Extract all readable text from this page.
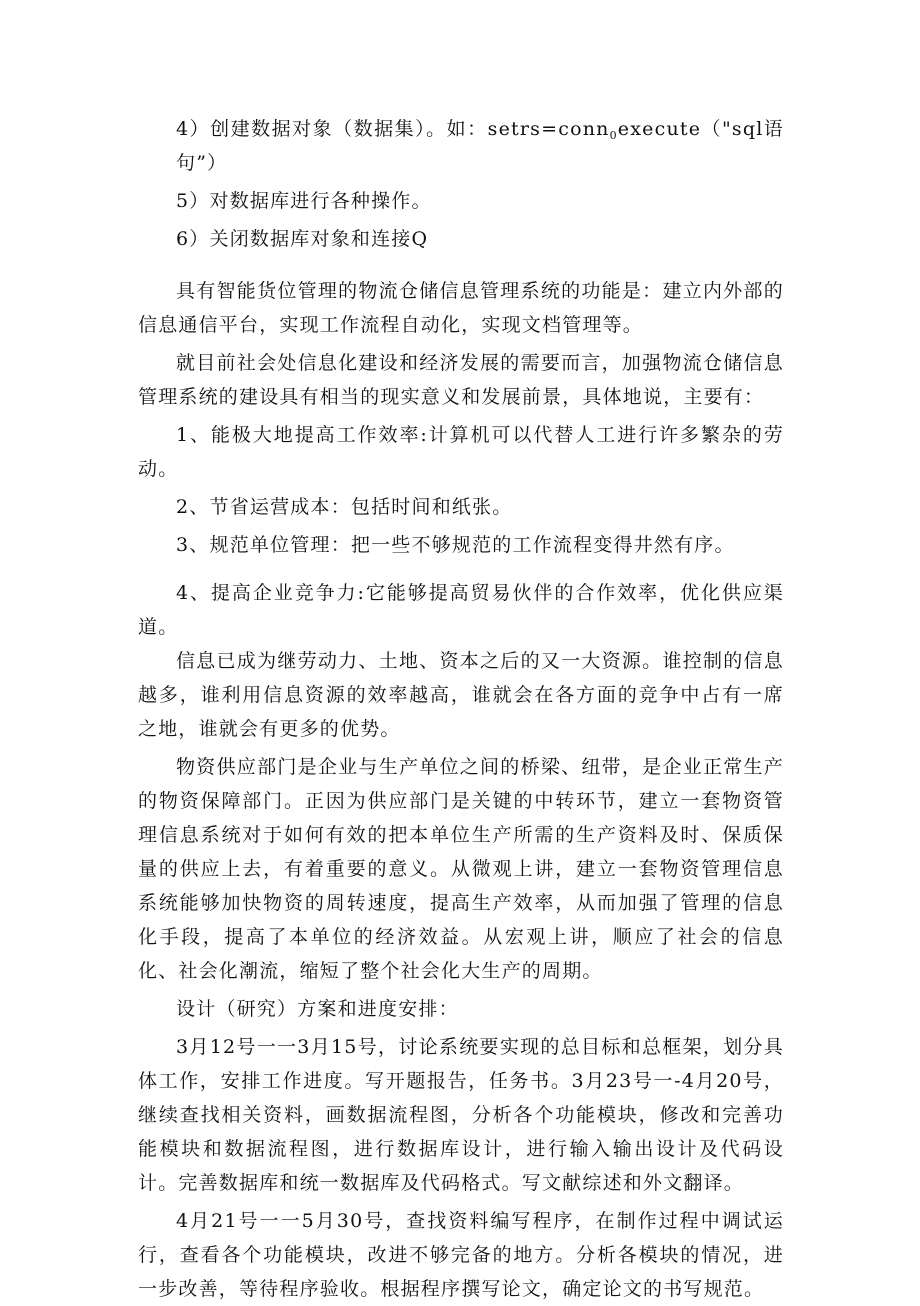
4）创建数据对象（数据集）。如：setrs=conn$_0$execute（"sql语句”）

5）对数据库进行各种操作。

6）关闭数据库对象和连接Q

具有智能货位管理的物流仓储信息管理系统的功能是：建立内外部的信息通信平台，实现工作流程自动化，实现文档管理等。

就目前社会处信息化建设和经济发展的需要而言，加强物流仓储信息管理系统的建设具有相当的现实意义和发展前景，具体地说，主要有：

1、能极大地提高工作效率:计算机可以代替人工进行许多繁杂的劳动。

2、节省运营成本：包括时间和纸张。

3、规范单位管理：把一些不够规范的工作流程变得井然有序。

4、提高企业竞争力:它能够提高贸易伙伴的合作效率，优化供应渠道。

信息已成为继劳动力、土地、资本之后的又一大资源。谁控制的信息越多，谁利用信息资源的效率越高，谁就会在各方面的竞争中占有一席之地，谁就会有更多的优势。

物资供应部门是企业与生产单位之间的桥梁、纽带，是企业正常生产的物资保障部门。正因为供应部门是关键的中转环节，建立一套物资管理信息系统对于如何有效的把本单位生产所需的生产资料及时、保质保量的供应上去，有着重要的意义。从微观上讲，建立一套物资管理信息系统能够加快物资的周转速度，提高生产效率，从而加强了管理的信息化手段，提高了本单位的经济效益。从宏观上讲，顺应了社会的信息化、社会化潮流，缩短了整个社会化大生产的周期。

设计（研究）方案和进度安排：

3月12号一一3月15号，讨论系统要实现的总目标和总框架，划分具体工作，安排工作进度。写开题报告，任务书。3月23号一-4月20号，继续查找相关资料，画数据流程图，分析各个功能模块，修改和完善功能模块和数据流程图，进行数据库设计，进行输入输出设计及代码设计。完善数据库和统一数据库及代码格式。写文献综述和外文翻译。

4月21号一一5月30号，查找资料编写程序，在制作过程中调试运行，查看各个功能模块，改进不够完备的地方。分析各模块的情况，进一步改善，等待程序验收。根据程序撰写论文，确定论文的书写规范。
